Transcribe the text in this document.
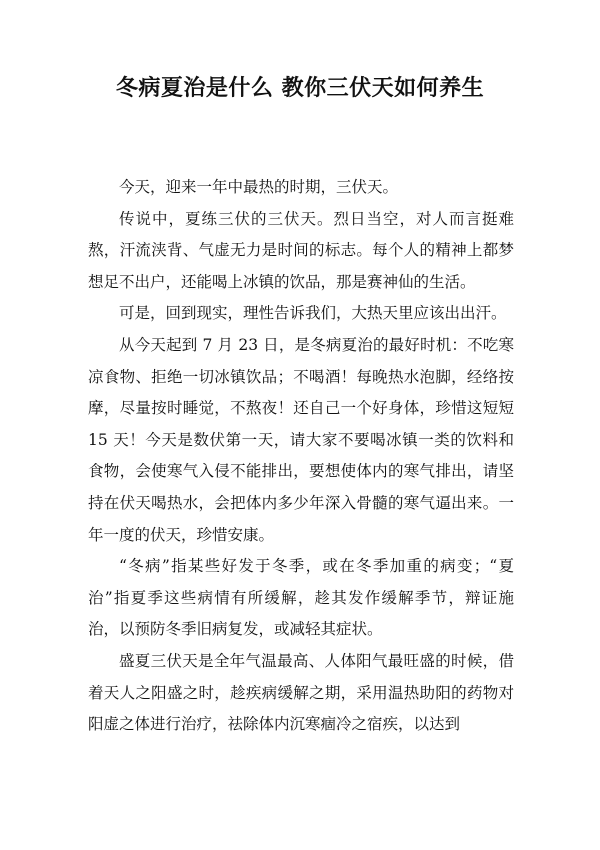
冬病夏治是什么 教你三伏天如何养生

今天，迎来一年中最热的时期，三伏天。

传说中，夏练三伏的三伏天。烈日当空，对人而言挺难熬，汗流浃背、气虚无力是时间的标志。每个人的精神上都梦想足不出户，还能喝上冰镇的饮品，那是赛神仙的生活。

可是，回到现实，理性告诉我们，大热天里应该出出汗。

从今天起到 7 月 23 日，是冬病夏治的最好时机：不吃寒凉食物、拒绝一切冰镇饮品；不喝酒！每晚热水泡脚，经络按摩，尽量按时睡觉，不熬夜！还自己一个好身体，珍惜这短短 15 天！今天是数伏第一天，请大家不要喝冰镇一类的饮料和食物，会使寒气入侵不能排出，要想使体内的寒气排出，请坚持在伏天喝热水，会把体内多少年深入骨髓的寒气逼出来。一年一度的伏天，珍惜安康。

“冬病”指某些好发于冬季，或在冬季加重的病变；“夏治”指夏季这些病情有所缓解，趁其发作缓解季节，辩证施治，以预防冬季旧病复发，或减轻其症状。

盛夏三伏天是全年气温最高、人体阳气最旺盛的时候，借着天人之阳盛之时，趁疾病缓解之期，采用温热助阳的药物对阳虚之体进行治疗，祛除体内沉寒痼冷之宿疾，以达到
